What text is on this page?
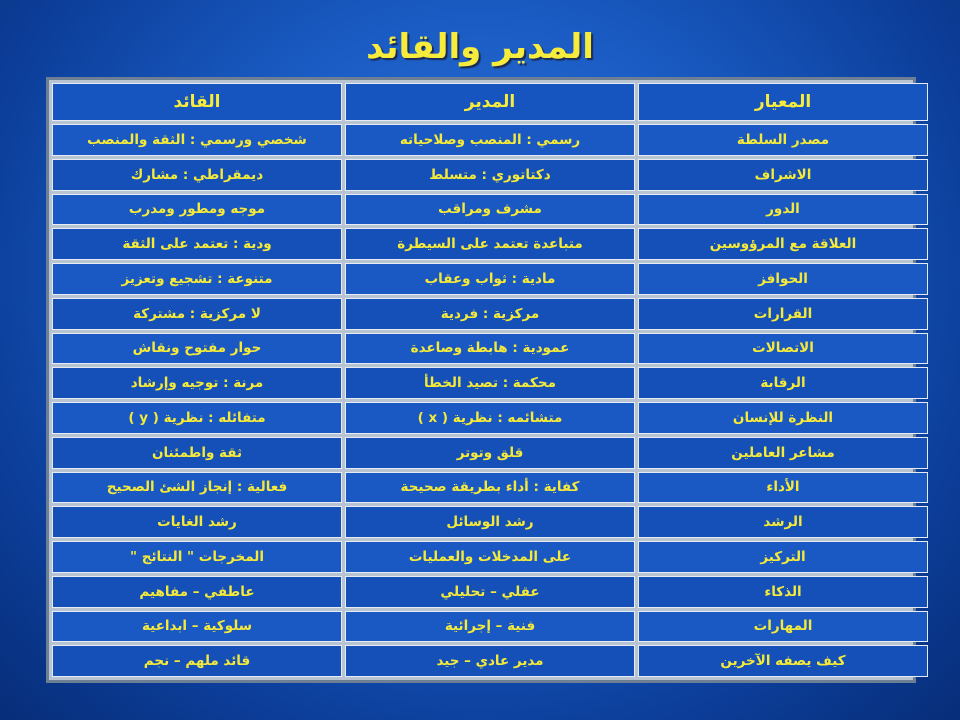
المدير والقائد
المعيار	المدير	القائد
مصدر السلطة	رسمي : المنصب وصلاحياته	شخصي ورسمي : الثقة والمنصب
الاشراف	دكتاتوري : متسلط	ديمقراطي : مشارك
الدور	مشرف ومراقب	موجه ومطور ومدرب
العلاقة مع المرؤوسين	متباعدة تعتمد على السيطرة	ودية : تعتمد على الثقة
الحوافز	مادية : ثواب وعقاب	متنوعة : تشجيع وتعزيز
القرارات	مركزية : فردية	لا مركزية : مشتركة
الاتصالات	عمودية : هابطة وصاعدة	حوار مفتوح ونقاش
الرقابة	محكمة : تصيد الخطأ	مرنة : توجيه وإرشاد
النظرة للإنسان	متشائمه : نظرية ( x )	متفائله : نظرية ( y )
مشاعر العاملين	قلق وتوتر	ثقة واطمئنان
الأداء	كفاية : أداء بطريقة صحيحة	فعالية : إنجاز الشئ الصحيح
الرشد	رشد الوسائل	رشد الغايات
التركيز	على المدخلات والعمليات	المخرجات " النتائج "
الذكاء	عقلي – تحليلي	عاطفي – مفاهيم
المهارات	فنية – إجرائية	سلوكية – ابداعية
كيف يصفه الآخرين	مدير عادي – جيد	قائد ملهم – نجم
